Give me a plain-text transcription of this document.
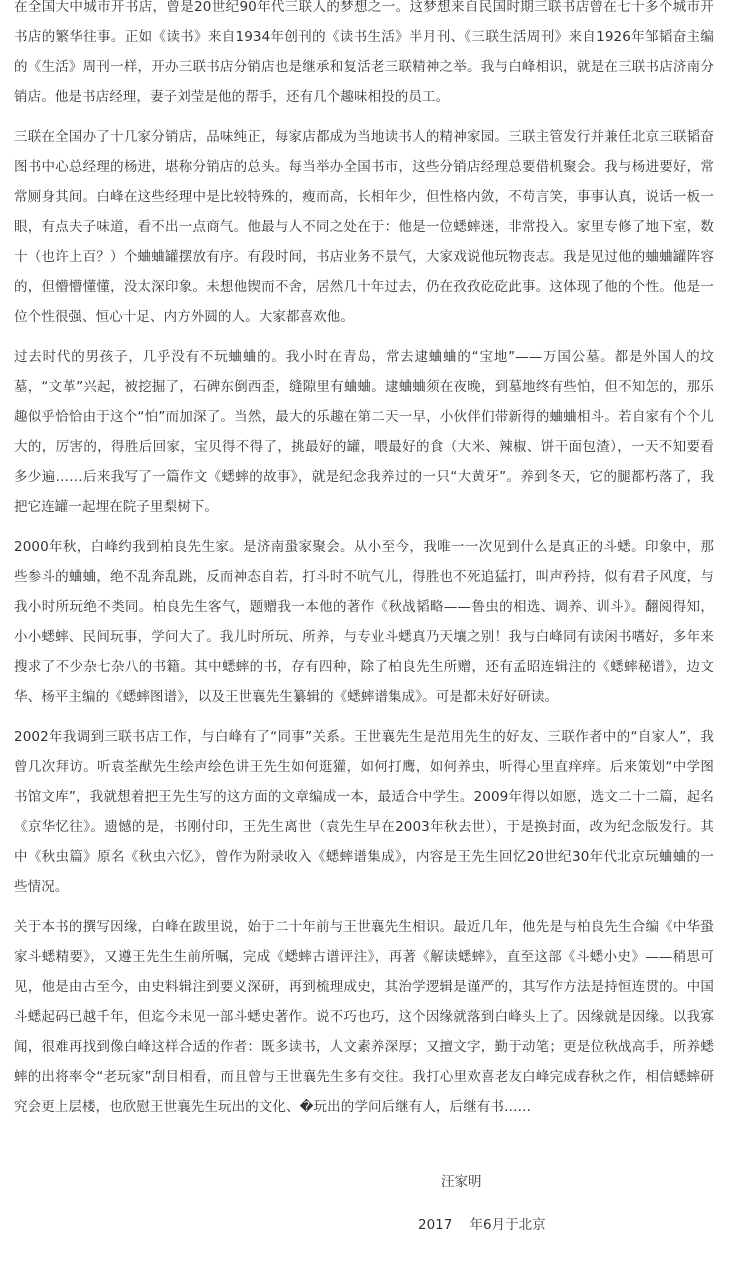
在全国大中城市开书店，曾是20世纪90年代三联人的梦想之一。这梦想来自民国时期三联书店曾在七十多个城市开书店的繁华往事。正如《读书》来自1934年创刊的《读书生活》半月刊、《三联生活周刊》来自1926年邹韬奋主编的《生活》周刊一样，开办三联书店分销店也是继承和复活老三联精神之举。我与白峰相识，就是在三联书店济南分销店。他是书店经理，妻子刘莹是他的帮手，还有几个趣味相投的员工。

三联在全国办了十几家分销店，品味纯正，每家店都成为当地读书人的精神家园。三联主管发行并兼任北京三联韬奋图书中心总经理的杨进，堪称分销店的总头。每当举办全国书市，这些分销店经理总要借机聚会。我与杨进要好，常常厕身其间。白峰在这些经理中是比较特殊的，瘦而高，长相年少，但性格内敛，不苟言笑，事事认真，说话一板一眼，有点夫子味道，看不出一点商气。他最与人不同之处在于：他是一位蟋蟀迷，非常投入。家里专修了地下室，数十（也许上百？）个蛐蛐罐摆放有序。有段时间，书店业务不景气，大家戏说他玩物丧志。我是见过他的蛐蛐罐阵容的，但懵懵懂懂，没太深印象。未想他锲而不舍，居然几十年过去，仍在孜孜矻矻此事。这体现了他的个性。他是一位个性很强、恒心十足、内方外圆的人。大家都喜欢他。

过去时代的男孩子，几乎没有不玩蛐蛐的。我小时在青岛，常去逮蛐蛐的“宝地”——万国公墓。都是外国人的坟墓，“文革”兴起，被挖掘了，石碑东倒西歪，缝隙里有蛐蛐。逮蛐蛐须在夜晚，到墓地终有些怕，但不知怎的，那乐趣似乎恰恰由于这个“怕”而加深了。当然，最大的乐趣在第二天一早，小伙伴们带新得的蛐蛐相斗。若自家有个个儿大的，厉害的，得胜后回家，宝贝得不得了，挑最好的罐，喂最好的食（大米、辣椒、饼干面包渣），一天不知要看多少遍……后来我写了一篇作文《蟋蟀的故事》，就是纪念我养过的一只“大黄牙”。养到冬天，它的腿都朽落了，我把它连罐一起埋在院子里梨树下。

2000年秋，白峰约我到柏良先生家。是济南蛩家聚会。从小至今，我唯一一次见到什么是真正的斗蟋。印象中，那些参斗的蛐蛐，绝不乱奔乱跳，反而神态自若，打斗时不吭气儿，得胜也不死追猛打，叫声矜持，似有君子风度，与我小时所玩绝不类同。柏良先生客气，题赠我一本他的著作《秋战韬略——鲁虫的相选、调养、训斗》。翻阅得知，小小蟋蟀、民间玩事，学问大了。我儿时所玩、所养，与专业斗蟋真乃天壤之别！我与白峰同有读闲书嗜好，多年来搜求了不少杂七杂八的书籍。其中蟋蟀的书，存有四种，除了柏良先生所赠，还有孟昭连辑注的《蟋蟀秘谱》，边文华、杨平主编的《蟋蟀图谱》，以及王世襄先生纂辑的《蟋蟀谱集成》。可是都未好好研读。

2002年我调到三联书店工作，与白峰有了“同事”关系。王世襄先生是范用先生的好友、三联作者中的“自家人”，我曾几次拜访。听袁荃猷先生绘声绘色讲王先生如何逛獾，如何打鹰，如何养虫，听得心里直痒痒。后来策划“中学图书馆文库”，我就想着把王先生写的这方面的文章编成一本，最适合中学生。2009年得以如愿，选文二十二篇，起名《京华忆往》。遗憾的是，书刚付印，王先生离世（袁先生早在2003年秋去世），于是换封面，改为纪念版发行。其中《秋虫篇》原名《秋虫六忆》，曾作为附录收入《蟋蟀谱集成》，内容是王先生回忆20世纪30年代北京玩蛐蛐的一些情况。

关于本书的撰写因缘，白峰在跋里说，始于二十年前与王世襄先生相识。最近几年，他先是与柏良先生合编《中华蛩家斗蟋精要》，又遵王先生生前所嘱，完成《蟋蟀古谱评注》，再著《解读蟋蟀》，直至这部《斗蟋小史》——稍思可见，他是由古至今，由史料辑注到要义深研，再到梳理成史，其治学逻辑是谨严的，其写作方法是持恒连贯的。中国斗蟋起码已越千年，但迄今未见一部斗蟋史著作。说不巧也巧，这个因缘就落到白峰头上了。因缘就是因缘。以我寡闻，很难再找到像白峰这样合适的作者：既多读书，人文素养深厚；又擅文字，勤于动笔；更是位秋战高手，所养蟋蟀的出将率令“老玩家”刮目相看，而且曾与王世襄先生多有交往。我打心里欢喜老友白峰完成春秋之作，相信蟋蟀研究会更上层楼，也欣慰王世襄先生玩出的文化、�玩出的学问后继有人，后继有书……

汪家明
2017    年6月于北京
